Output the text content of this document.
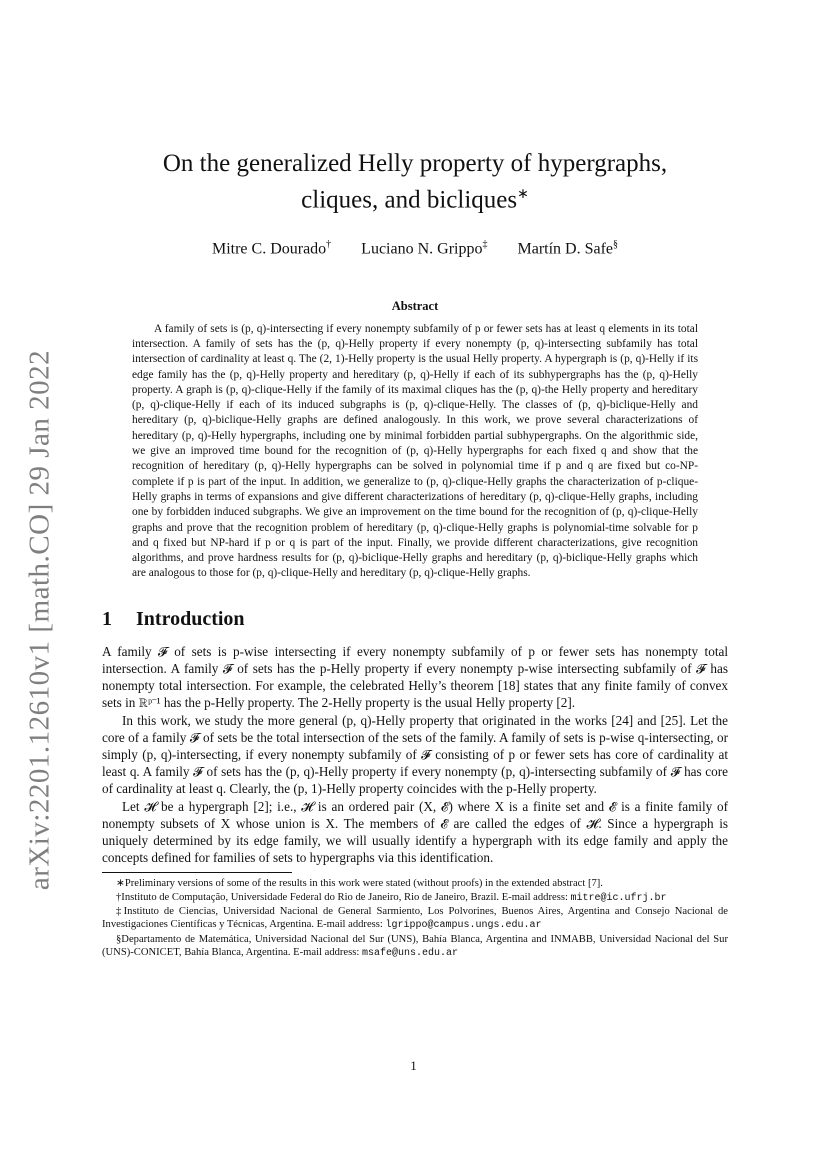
arXiv:2201.12610v1 [math.CO] 29 Jan 2022
On the generalized Helly property of hypergraphs,
cliques, and bicliques∗
Mitre C. Dourado† Luciano N. Grippo‡ Martín D. Safe§
Abstract
A family of sets is (p, q)-intersecting if every nonempty subfamily of p or fewer sets has at least q elements in its total intersection. A family of sets has the (p, q)-Helly property if every nonempty (p, q)-intersecting subfamily has total intersection of cardinality at least q. The (2, 1)-Helly property is the usual Helly property. A hypergraph is (p, q)-Helly if its edge family has the (p, q)-Helly property and hereditary (p, q)-Helly if each of its subhypergraphs has the (p, q)-Helly property. A graph is (p, q)-clique-Helly if the family of its maximal cliques has the (p, q)-the Helly property and hereditary (p, q)-clique-Helly if each of its induced subgraphs is (p, q)-clique-Helly. The classes of (p, q)-biclique-Helly and hereditary (p, q)-biclique-Helly graphs are defined analogously. In this work, we prove several characterizations of hereditary (p, q)-Helly hypergraphs, including one by minimal forbidden partial subhypergraphs. On the algorithmic side, we give an improved time bound for the recognition of (p, q)-Helly hypergraphs for each fixed q and show that the recognition of hereditary (p, q)-Helly hypergraphs can be solved in polynomial time if p and q are fixed but co-NP-complete if p is part of the input. In addition, we generalize to (p, q)-clique-Helly graphs the characterization of p-clique-Helly graphs in terms of expansions and give different characterizations of hereditary (p, q)-clique-Helly graphs, including one by forbidden induced subgraphs. We give an improvement on the time bound for the recognition of (p, q)-clique-Helly graphs and prove that the recognition problem of hereditary (p, q)-clique-Helly graphs is polynomial-time solvable for p and q fixed but NP-hard if p or q is part of the input. Finally, we provide different characterizations, give recognition algorithms, and prove hardness results for (p, q)-biclique-Helly graphs and hereditary (p, q)-biclique-Helly graphs which are analogous to those for (p, q)-clique-Helly and hereditary (p, q)-clique-Helly graphs.
1 Introduction

A family 𝓕 of sets is p-wise intersecting if every nonempty subfamily of p or fewer sets has nonempty total intersection. A family 𝓕 of sets has the p-Helly property if every nonempty p-wise intersecting subfamily of 𝓕 has nonempty total intersection. For example, the celebrated Helly’s theorem [18] states that any finite family of convex sets in ℝᵖ⁻¹ has the p-Helly property. The 2-Helly property is the usual Helly property [2].

In this work, we study the more general (p, q)-Helly property that originated in the works [24] and [25]. Let the core of a family 𝓕 of sets be the total intersection of the sets of the family. A family of sets is p-wise q-intersecting, or simply (p, q)-intersecting, if every nonempty subfamily of 𝓕 consisting of p or fewer sets has core of cardinality at least q. A family 𝓕 of sets has the (p, q)-Helly property if every nonempty (p, q)-intersecting subfamily of 𝓕 has core of cardinality at least q. Clearly, the (p, 1)-Helly property coincides with the p-Helly property.

Let 𝓗 be a hypergraph [2]; i.e., 𝓗 is an ordered pair (X, 𝓔) where X is a finite set and 𝓔 is a finite family of nonempty subsets of X whose union is X. The members of 𝓔 are called the edges of 𝓗. Since a hypergraph is uniquely determined by its edge family, we will usually identify a hypergraph with its edge family and apply the concepts defined for families of sets to hypergraphs via this identification.

∗Preliminary versions of some of the results in this work were stated (without proofs) in the extended abstract [7].

†Instituto de Computação, Universidade Federal do Rio de Janeiro, Rio de Janeiro, Brazil. E-mail address: mitre@ic.ufrj.br

‡Instituto de Ciencias, Universidad Nacional de General Sarmiento, Los Polvorines, Buenos Aires, Argentina and Consejo Nacional de Investigaciones Científicas y Técnicas, Argentina. E-mail address: lgrippo@campus.ungs.edu.ar

§Departamento de Matemática, Universidad Nacional del Sur (UNS), Bahía Blanca, Argentina and INMABB, Universidad Nacional del Sur (UNS)-CONICET, Bahía Blanca, Argentina. E-mail address: msafe@uns.edu.ar

1
